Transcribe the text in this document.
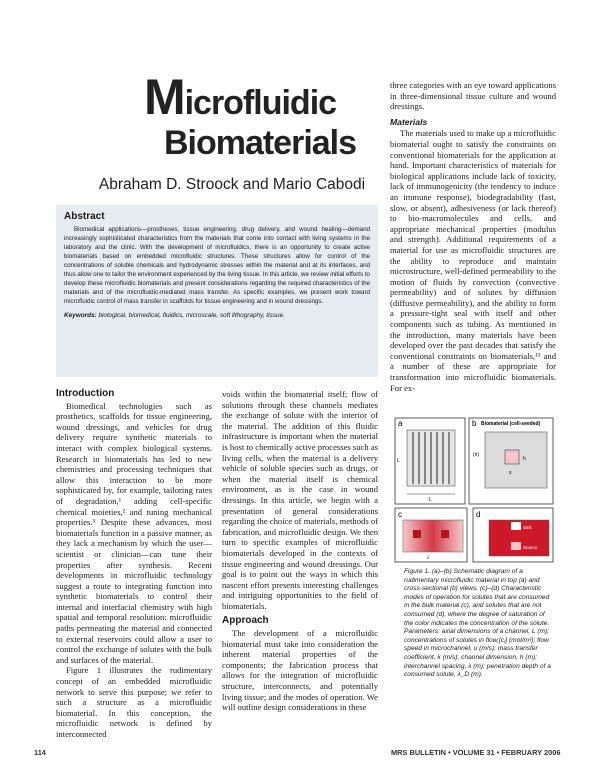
Microfluidic
Biomaterials
Abraham D. Stroock and Mario Cabodi
Abstract

Biomedical applications—prostheses, tissue engineering, drug delivery, and wound healing—demand increasingly sophisticated characteristics from the materials that come into contact with living systems in the laboratory and the clinic. With the development of microfluidics, there is an opportunity to create active biomaterials based on embedded microfluidic structures. These structures allow for control of the concentrations of soluble chemicals and hydrodynamic stresses within the material and at its interfaces, and thus allow one to tailor the environment experienced by the living tissue. In this article, we review initial efforts to develop these microfluidic biomaterials and present considerations regarding the required characteristics of the materials and of the microfluidic-mediated mass transfer. As specific examples, we present work toward microfluidic control of mass transfer in scaffolds for tissue engineering and in wound dressings.

Keywords: biological, biomedical, fluidics, microscale, soft lithography, tissue.
Introduction

Biomedical technologies such as prosthetics, scaffolds for tissue engineering, wound dressings, and vehicles for drug delivery require synthetic materials to interact with complex biological systems. Research in biomaterials has led to new chemistries and processing techniques that allow this interaction to be more sophisticated by, for example, tailoring rates of degradation,¹ adding cell-specific chemical moieties,² and tuning mechanical properties.³ Despite these advances, most biomaterials function in a passive manner, as they lack a mechanism by which the user—scientist or clinician—can tune their properties after synthesis. Recent developments in microfluidic technology suggest a route to integrating function into synthetic biomaterials to control their internal and interfacial chemistry with high spatial and temporal resolution: microfluidic paths permeating the material and connected to external reservoirs could allow a user to control the exchange of solutes with the bulk and surfaces of the material.

Figure 1 illustrates the rudimentary concept of an embedded microfluidic network to serve this purpose; we refer to such a structure as a microfluidic biomaterial. In this conception, the microfluidic network is defined by interconnected

voids within the biomaterial itself; flow of solutions through these channels mediates the exchange of solute with the interior of the material. The addition of this fluidic infrastructure is important when the material is host to chemically active processes such as living cells, when the material is a delivery vehicle of soluble species such as drugs, or when the material itself is chemical environment, as is the case in wound dressings. In this article, we begin with a presentation of general considerations regarding the choice of materials, methods of fabrication, and microfluidic design. We then turn to specific examples of microfluidic biomaterials developed in the contexts of tissue engineering and wound dressings. Our goal is to point out the ways in which this nascent effort presents interesting challenges and intriguing opportunities to the field of biomaterials.

Approach

The development of a microfluidic biomaterial must take into consideration the inherent material properties of the components; the fabrication process that allows for the integration of microfluidic structure, interconnects, and potentially living tissue; and the modes of operation. We will outline design considerations in these

three categories with an eye toward applications in three-dimensional tissue culture and wound dressings.

Materials

The materials used to make up a microfluidic biomaterial ought to satisfy the constraints on conventional biomaterials for the application at hand. Important characteristics of materials for biological applications include lack of toxicity, lack of immunogenicity (the tendency to induce an immune response), biodegradability (fast, slow, or absent), adhesiveness (or lack thereof) to bio-macromolecules and cells, and appropriate mechanical properties (modulus and strength). Additional requirements of a material for use as microfluidic structures are the ability to reproduce and maintain microstructure, well-defined permeability to the motion of fluids by convection (convective permeability) and of solutes by diffusion (diffusive permeability), and the ability to form a pressure-tight seal with itself and other components such as tubing. As mentioned in the introduction, many materials have been developed over the past decades that satisfy the conventional constraints on biomaterials,¹³ and a number of these are appropriate for transformation into microfluidic biomaterials. For ex-

a
L
L
b Biomaterial (cell-seeded)
(n)
h
s
c
λ
d
Sink
Source
Figure 1. (a)–(b) Schematic diagram of a rudimentary microfluidic material in top (a) and cross-sectional (b) views. (c)–(d) Characteristic modes of operation for solutes that are consumed in the bulk material (c), and solutes that are not consumed (d), where the degree of saturation of the color indicates the concentration of the solute. Parameters: axial dimensions of a channel, L (m); concentrations of solutes in flow,[cⱼ] (mol/m³); flow speed in microchannel, u (m/s); mass transfer coefficient, k (m/s); channel dimension, h (m); interchannel spacing, λ (m); penetration depth of a consumed solute, λ_D (m).
114	MRS BULLETIN • VOLUME 31 • FEBRUARY 2006
